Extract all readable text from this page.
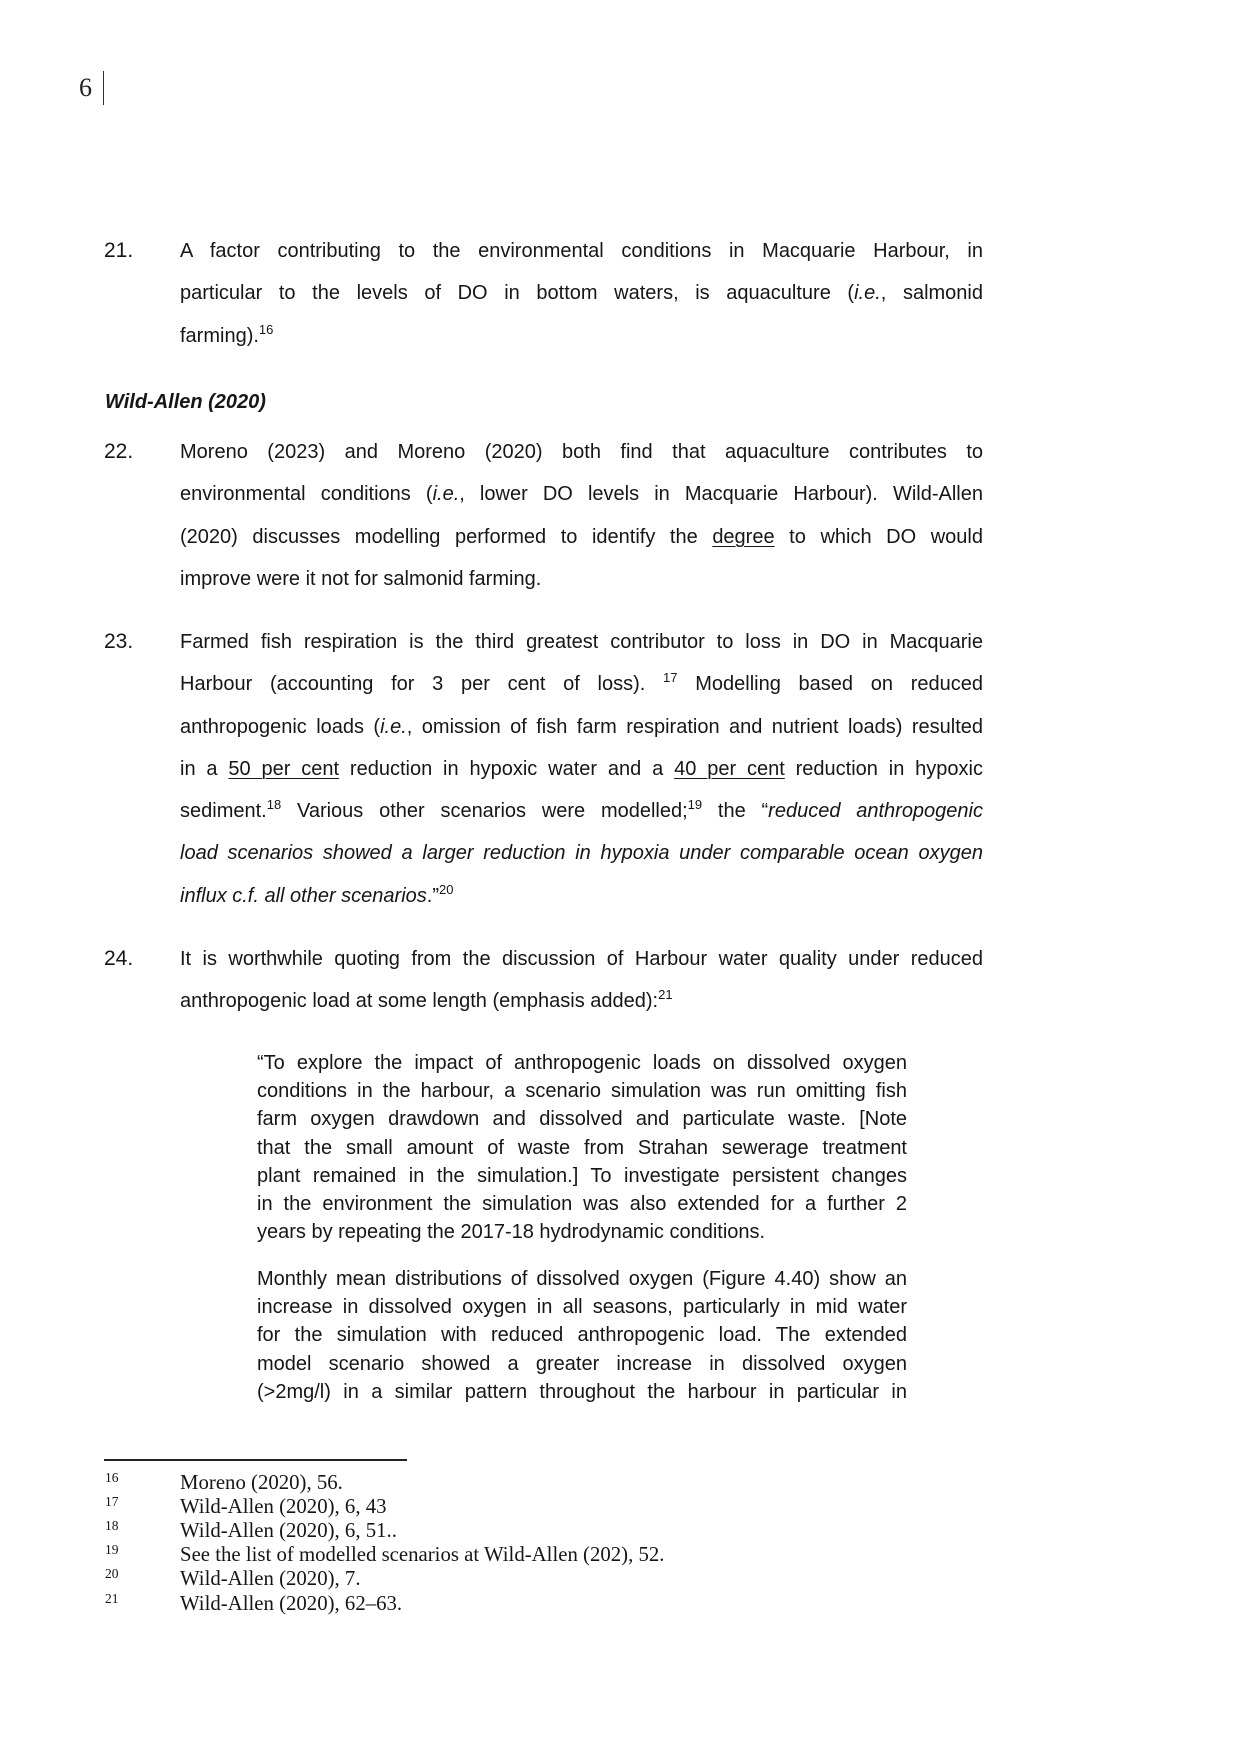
6
21. A factor contributing to the environmental conditions in Macquarie Harbour, in
particular to the levels of DO in bottom waters, is aquaculture (i.e., salmonid
farming).$^{16}$
Wild-Allen (2020)
22. Moreno (2023) and Moreno (2020) both find that aquaculture contributes to
environmental conditions (i.e., lower DO levels in Macquarie Harbour). Wild-Allen
(2020) discusses modelling performed to identify the degree to which DO would
improve were it not for salmonid farming.
23. Farmed fish respiration is the third greatest contributor to loss in DO in Macquarie
Harbour (accounting for 3 per cent of loss). $^{17}$ Modelling based on reduced
anthropogenic loads (i.e., omission of fish farm respiration and nutrient loads) resulted
in a 50 per cent reduction in hypoxic water and a 40 per cent reduction in hypoxic
sediment.$^{18}$ Various other scenarios were modelled;$^{19}$ the “reduced anthropogenic
load scenarios showed a larger reduction in hypoxia under comparable ocean oxygen
influx c.f. all other scenarios.”$^{20}$
24. It is worthwhile quoting from the discussion of Harbour water quality under reduced
anthropogenic load at some length (emphasis added):$^{21}$
“To explore the impact of anthropogenic loads on dissolved oxygen
conditions in the harbour, a scenario simulation was run omitting fish
farm oxygen drawdown and dissolved and particulate waste. [Note
that the small amount of waste from Strahan sewerage treatment
plant remained in the simulation.] To investigate persistent changes
in the environment the simulation was also extended for a further 2
years by repeating the 2017-18 hydrodynamic conditions.
Monthly mean distributions of dissolved oxygen (Figure 4.40) show an
increase in dissolved oxygen in all seasons, particularly in mid water
for the simulation with reduced anthropogenic load. The extended
model scenario showed a greater increase in dissolved oxygen
(>2mg/l) in a similar pattern throughout the harbour in particular in
16	Moreno (2020), 56.
17	Wild-Allen (2020), 6, 43
18	Wild-Allen (2020), 6, 51..
19	See the list of modelled scenarios at Wild-Allen (202), 52.
20	Wild-Allen (2020), 7.
21	Wild-Allen (2020), 62–63.
